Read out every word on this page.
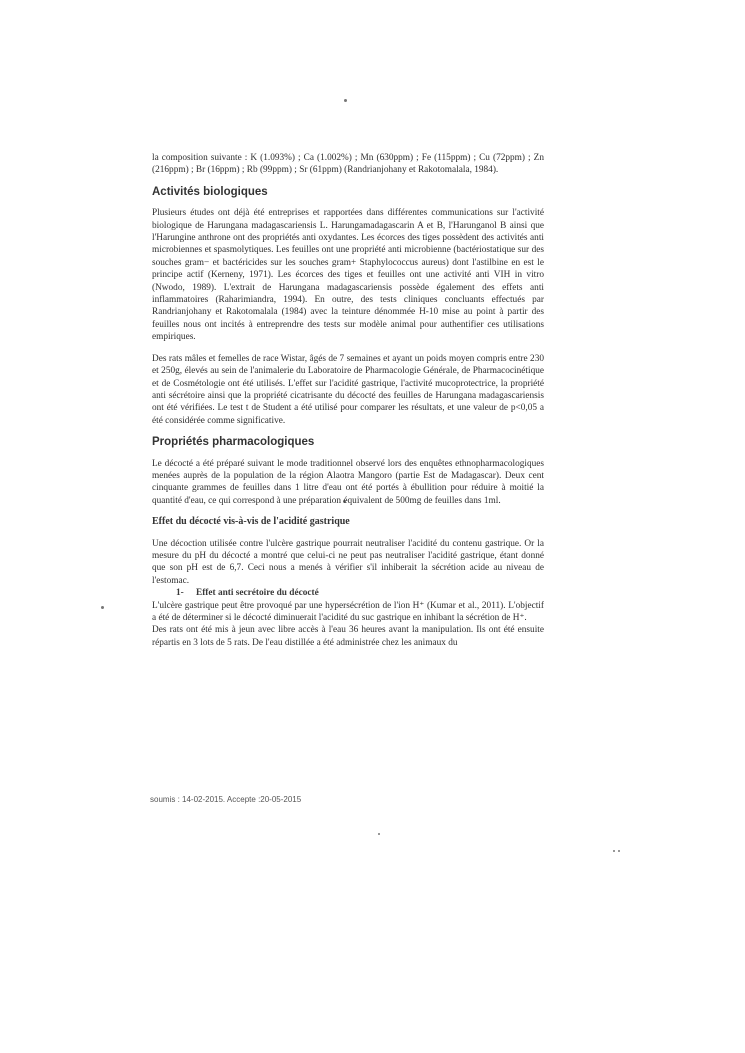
la composition suivante : K (1.093%) ; Ca (1.002%) ; Mn (630ppm) ; Fe (115ppm) ; Cu (72ppm) ; Zn (216ppm) ; Br (16ppm) ; Rb (99ppm) ; Sr (61ppm) (Randrianjohany et Rakotomalala, 1984).

Activités biologiques

Plusieurs études ont déjà été entreprises et rapportées dans différentes communications sur l'activité biologique de Harungana madagascariensis L. Harungamadagascarin A et B, l'Harunganol B ainsi que l'Harungine anthrone ont des propriétés anti oxydantes. Les écorces des tiges possèdent des activités anti microbiennes et spasmolytiques. Les feuilles ont une propriété anti microbienne (bactériostatique sur des souches gram− et bactéricides sur les souches gram+ Staphylococcus aureus) dont l'astilbine en est le principe actif (Kerneny, 1971). Les écorces des tiges et feuilles ont une activité anti VIH in vitro (Nwodo, 1989). L'extrait de Harungana madagascariensis possède également des effets anti inflammatoires (Raharimiandra, 1994). En outre, des tests cliniques concluants effectués par Randrianjohany et Rakotomalala (1984) avec la teinture dénommée H-10 mise au point à partir des feuilles nous ont incités à entreprendre des tests sur modèle animal pour authentifier ces utilisations empiriques.

Des rats mâles et femelles de race Wistar, âgés de 7 semaines et ayant un poids moyen compris entre 230 et 250g, élevés au sein de l'animalerie du Laboratoire de Pharmacologie Générale, de Pharmacocinétique et de Cosmétologie ont été utilisés. L'effet sur l'acidité gastrique, l'activité mucoprotectrice, la propriété anti sécrétoire ainsi que la propriété cicatrisante du décocté des feuilles de Harungana madagascariensis ont été vérifiées. Le test t de Student a été utilisé pour comparer les résultats, et une valeur de p<0,05 a été considérée comme significative.

Propriétés pharmacologiques

Le décocté a été préparé suivant le mode traditionnel observé lors des enquêtes ethnopharmacologiques menées auprès de la population de la région Alaotra Mangoro (partie Est de Madagascar). Deux cent cinquante grammes de feuilles dans 1 litre d'eau ont été portés à ébullition pour réduire à moitié la quantité d'eau, ce qui correspond à une préparation équivalent de 500mg de feuilles dans 1ml.

Effet du décocté vis-à-vis de l'acidité gastrique

Une décoction utilisée contre l'ulcère gastrique pourrait neutraliser l'acidité du contenu gastrique. Or la mesure du pH du décocté a montré que celui-ci ne peut pas neutraliser l'acidité gastrique, étant donné que son pH est de 6,7. Ceci nous a menés à vérifier s'il inhiberait la sécrétion acide au niveau de l'estomac.

1- Effet anti secrétoire du décocté

L'ulcère gastrique peut être provoqué par une hypersécrétion de l'ion H⁺ (Kumar et al., 2011). L'objectif a été de déterminer si le décocté diminuerait l'acidité du suc gastrique en inhibant la sécrétion de H⁺.

Des rats ont été mis à jeun avec libre accès à l'eau 36 heures avant la manipulation. Ils ont été ensuite répartis en 3 lots de 5 rats. De l'eau distillée a été administrée chez les animaux du

soumis : 14-02-2015. Accepte :20-05-2015
